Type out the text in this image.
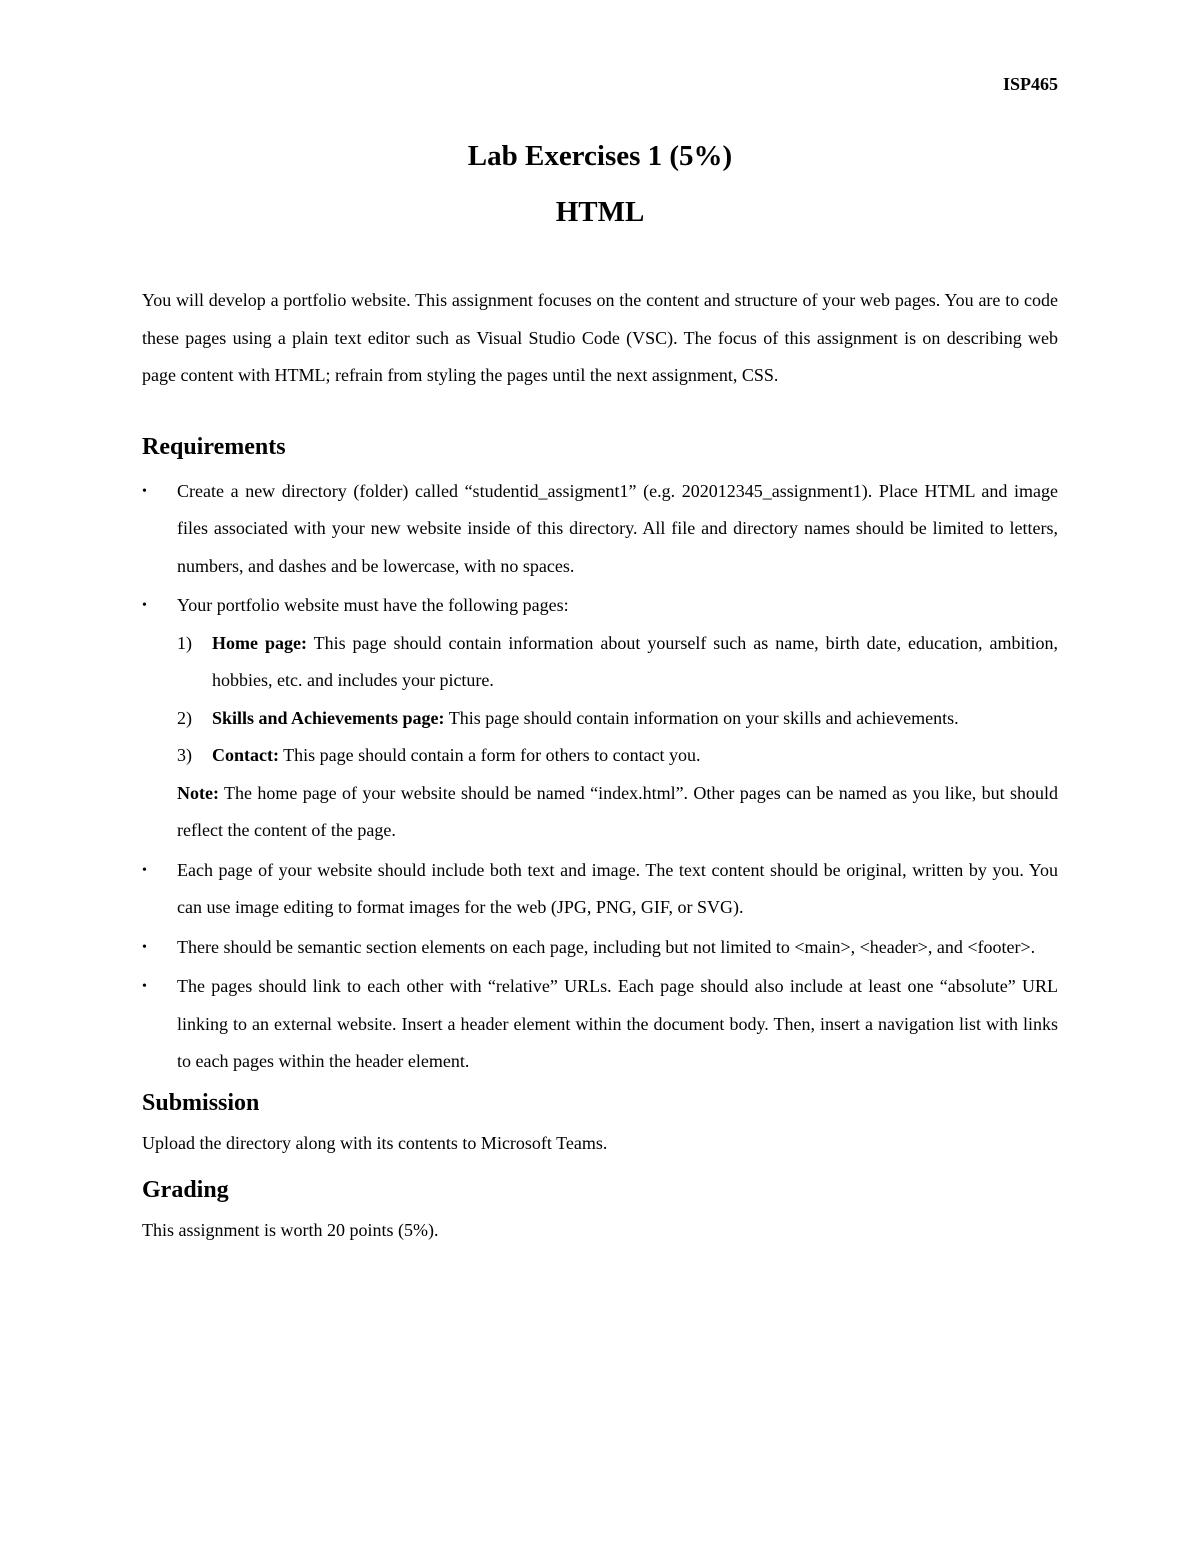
ISP465

Lab Exercises 1 (5%)
HTML

You will develop a portfolio website. This assignment focuses on the content and structure of your web pages. You are to code these pages using a plain text editor such as Visual Studio Code (VSC). The focus of this assignment is on describing web page content with HTML; refrain from styling the pages until the next assignment, CSS.

Requirements
• Create a new directory (folder) called “studentid_assigment1” (e.g. 202012345_assignment1). Place HTML and image files associated with your new website inside of this directory. All file and directory names should be limited to letters, numbers, and dashes and be lowercase, with no spaces.
• Your portfolio website must have the following pages:
1) Home page: This page should contain information about yourself such as name, birth date, education, ambition, hobbies, etc. and includes your picture.
2) Skills and Achievements page: This page should contain information on your skills and achievements.
3) Contact: This page should contain a form for others to contact you.

Note: The home page of your website should be named “index.html”. Other pages can be named as you like, but should reflect the content of the page.

• Each page of your website should include both text and image. The text content should be original, written by you. You can use image editing to format images for the web (JPG, PNG, GIF, or SVG).
• There should be semantic section elements on each page, including but not limited to <main>, <header>, and <footer>.
• The pages should link to each other with “relative” URLs. Each page should also include at least one “absolute” URL linking to an external website. Insert a header element within the document body. Then, insert a navigation list with links to each pages within the header element.
Submission

Upload the directory along with its contents to Microsoft Teams.

Grading

This assignment is worth 20 points (5%).
